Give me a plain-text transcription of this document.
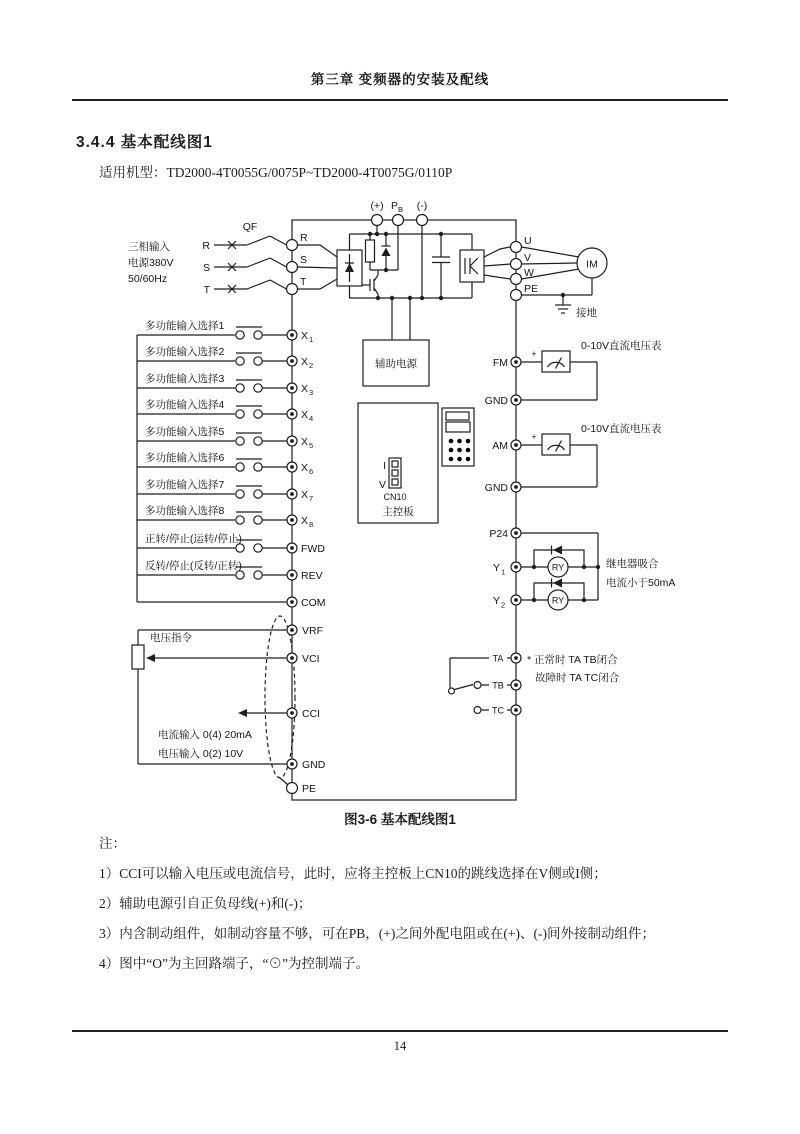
第三章 变频器的安装及配线
3.4.4 基本配线图1
适用机型：TD2000-4T0055G/0075P~TD2000-4T0075G/0110P
三相输入
电源380V
50/60Hz
QF
R
S
T
R
S
T
(+) P B (-)
U
V
W
PE
IM
接地
辅助电源
I
V
CN10
主控板
多功能输入选择1
X 1
多功能输入选择2
X 2
多功能输入选择3
X 3
多功能输入选择4
X 4
多功能输入选择5
X 5
多功能输入选择6
X 6
多功能输入选择7
X 7
多功能输入选择8
X 8
正转/停止(运转/停止)
FWD
反转/停止(反转/正转)
REV
COM
电压指令
电流输入 0(4) 20mA
电压输入 0(2) 10V
VRF
VCI
CCI
GND
PE
+
0-10V直流电压表
FM
GND
+
0-10V直流电压表
AM
GND
RY
RY
P24
Y 1
Y 2
继电器吸合
电流小于50mA
TA
TB
TC
* 正常时 TA TB闭合
故障时 TA TC闭合
图3-6 基本配线图1
注：

1）CCI可以输入电压或电流信号，此时，应将主控板上CN10的跳线选择在V侧或I侧；

2）辅助电源引自正负母线(+)和(-)；

3）内含制动组件，如制动容量不够，可在PB，(+)之间外配电阻或在(+)、(-)间外接制动组件；

4）图中“O”为主回路端子，“⊙”为控制端子。

14
